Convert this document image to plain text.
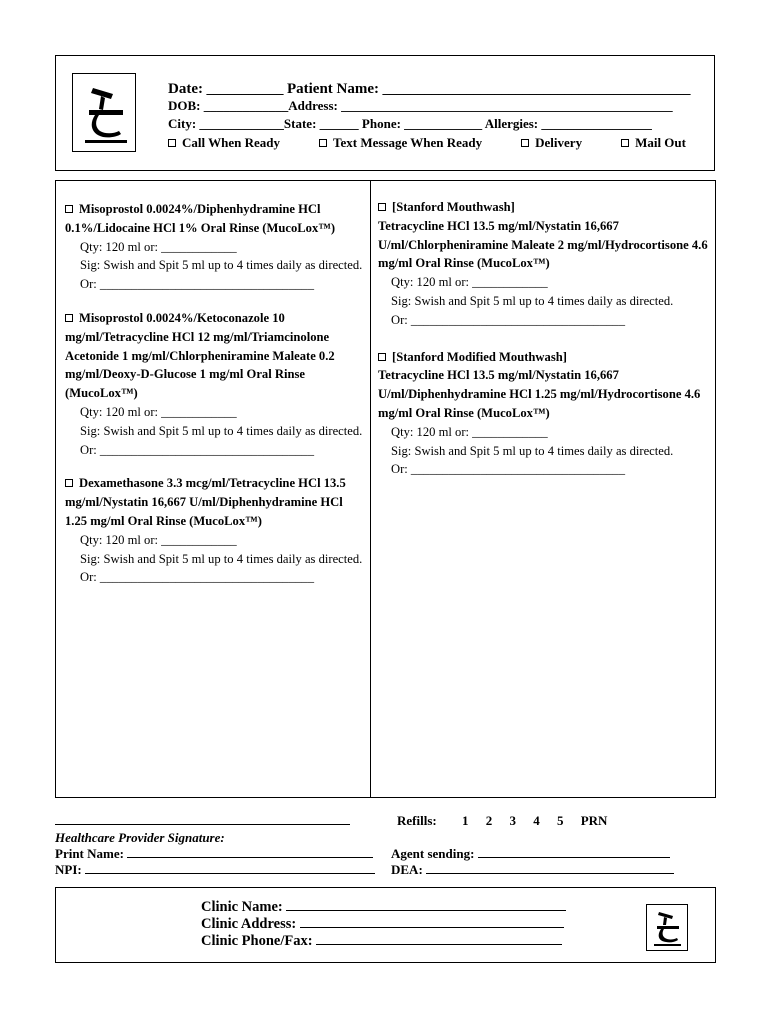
Date: ___________ Patient Name: ____________________________________________
DOB: _____________Address: ___________________________________________________
City: _____________State: ______ Phone: ____________ Allergies: _________________
Call When Ready	Text Message When Ready	Delivery	Mail Out
Misoprostol 0.0024%/Diphenhydramine HCl 0.1%/Lidocaine HCl 1% Oral Rinse (MucoLox™)
Qty: 120 ml or: ____________
Sig: Swish and Spit 5 ml up to 4 times daily as directed.
Or: __________________________________
Misoprostol 0.0024%/Ketoconazole 10 mg/ml/Tetracycline HCl 12 mg/ml/Triamcinolone Acetonide 1 mg/ml/Chlorpheniramine Maleate 0.2 mg/ml/Deoxy-D-Glucose 1 mg/ml Oral Rinse (MucoLox™)
Qty: 120 ml or: ____________
Sig: Swish and Spit 5 ml up to 4 times daily as directed.
Or: __________________________________
Dexamethasone 3.3 mcg/ml/Tetracycline HCl 13.5 mg/ml/Nystatin 16,667 U/ml/Diphenhydramine HCl 1.25 mg/ml Oral Rinse (MucoLox™)
Qty: 120 ml or: ____________
Sig: Swish and Spit 5 ml up to 4 times daily as directed.
Or: __________________________________
[Stanford Mouthwash]
Tetracycline HCl 13.5 mg/ml/Nystatin 16,667 U/ml/Chlorpheniramine Maleate 2 mg/ml/Hydrocortisone 4.6 mg/ml Oral Rinse (MucoLox™)
Qty: 120 ml or: ____________
Sig: Swish and Spit 5 ml up to 4 times daily as directed.
Or: __________________________________
[Stanford Modified Mouthwash]
Tetracycline HCl 13.5 mg/ml/Nystatin 16,667 U/ml/Diphenhydramine HCl 1.25 mg/ml/Hydrocortisone 4.6 mg/ml Oral Rinse (MucoLox™)
Qty: 120 ml or: ____________
Sig: Swish and Spit 5 ml up to 4 times daily as directed.
Or: __________________________________
Refills: 1 2 3 4 5 PRN
Healthcare Provider Signature:
Print Name:
NPI:
Agent sending:
DEA:
Clinic Name:
Clinic Address:
Clinic Phone/Fax:
